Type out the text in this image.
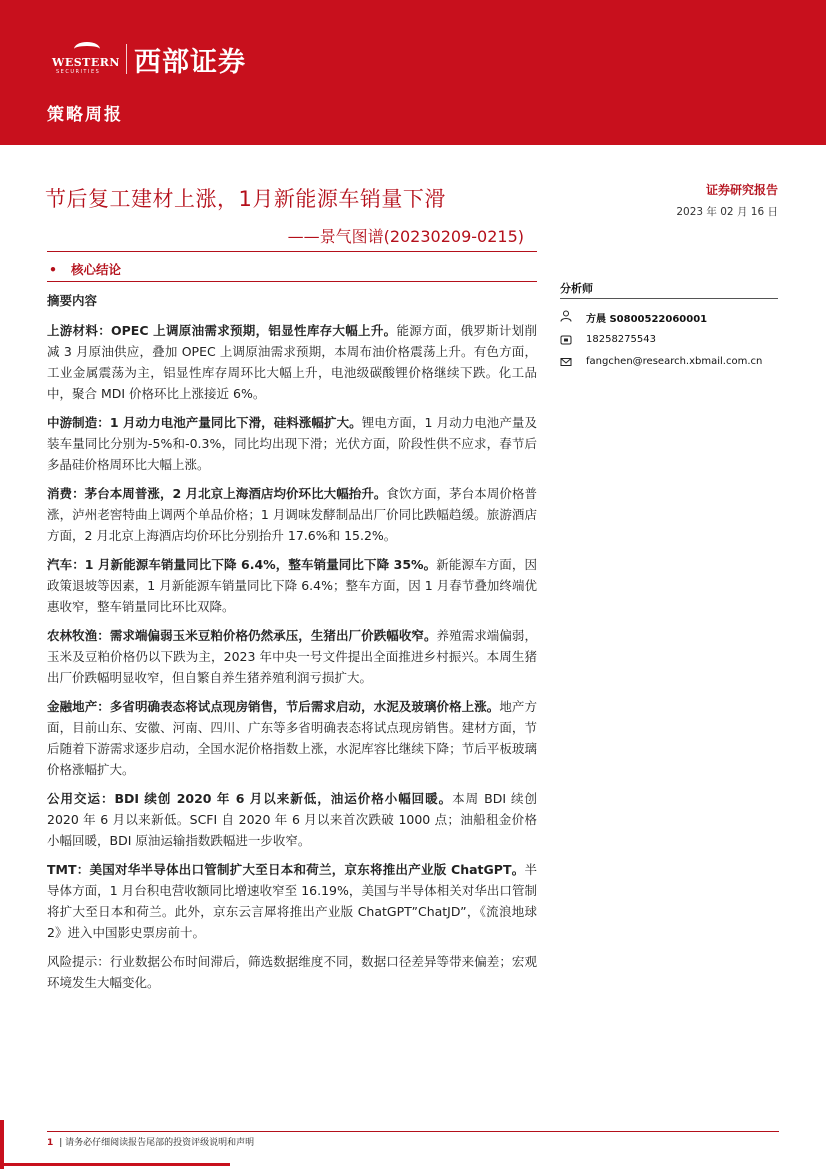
WESTERN
SECURITIES 西部证券
策略周报
节后复工建材上涨，1月新能源车销量下滑
——景气图谱(20230209-0215)
证券研究报告
2023 年 02 月 16 日
• 核心结论
摘要内容

上游材料：OPEC 上调原油需求预期，铝显性库存大幅上升。能源方面，俄罗斯计划削减 3 月原油供应，叠加 OPEC 上调原油需求预期，本周布油价格震荡上升。有色方面，工业金属震荡为主，铝显性库存周环比大幅上升，电池级碳酸锂价格继续下跌。化工品中，聚合 MDI 价格环比上涨接近 6%。

中游制造：1 月动力电池产量同比下滑，硅料涨幅扩大。锂电方面，1 月动力电池产量及装车量同比分别为-5%和-0.3%，同比均出现下滑；光伏方面，阶段性供不应求，春节后多晶硅价格周环比大幅上涨。

消费：茅台本周普涨，2 月北京上海酒店均价环比大幅抬升。食饮方面，茅台本周价格普涨，泸州老窖特曲上调两个单品价格；1 月调味发酵制品出厂价同比跌幅趋缓。旅游酒店方面，2 月北京上海酒店均价环比分别抬升 17.6%和 15.2%。

汽车：1 月新能源车销量同比下降 6.4%，整车销量同比下降 35%。新能源车方面，因政策退坡等因素，1 月新能源车销量同比下降 6.4%；整车方面，因 1 月春节叠加终端优惠收窄，整车销量同比环比双降。

农林牧渔：需求端偏弱玉米豆粕价格仍然承压，生猪出厂价跌幅收窄。养殖需求端偏弱，玉米及豆粕价格仍以下跌为主，2023 年中央一号文件提出全面推进乡村振兴。本周生猪出厂价跌幅明显收窄，但自繁自养生猪养殖利润亏损扩大。

金融地产：多省明确表态将试点现房销售，节后需求启动，水泥及玻璃价格上涨。地产方面，目前山东、安徽、河南、四川、广东等多省明确表态将试点现房销售。建材方面，节后随着下游需求逐步启动，全国水泥价格指数上涨，水泥库容比继续下降；节后平板玻璃价格涨幅扩大。

公用交运：BDI 续创 2020 年 6 月以来新低，油运价格小幅回暖。本周 BDI 续创 2020 年 6 月以来新低。SCFI 自 2020 年 6 月以来首次跌破 1000 点；油船租金价格小幅回暖，BDI 原油运输指数跌幅进一步收窄。

TMT：美国对华半导体出口管制扩大至日本和荷兰，京东将推出产业版 ChatGPT。半导体方面，1 月台积电营收额同比增速收窄至 16.19%，美国与半导体相关对华出口管制将扩大至日本和荷兰。此外，京东云言犀将推出产业版 ChatGPT”ChatJD”，《流浪地球 2》进入中国影史票房前十。

风险提示：行业数据公布时间滞后，筛选数据维度不同，数据口径差异等带来偏差；宏观环境发生大幅变化。

分析师
方晨 S0800522060001
18258275543
fangchen@research.xbmail.com.cn
1 | 请务必仔细阅读报告尾部的投资评级说明和声明
